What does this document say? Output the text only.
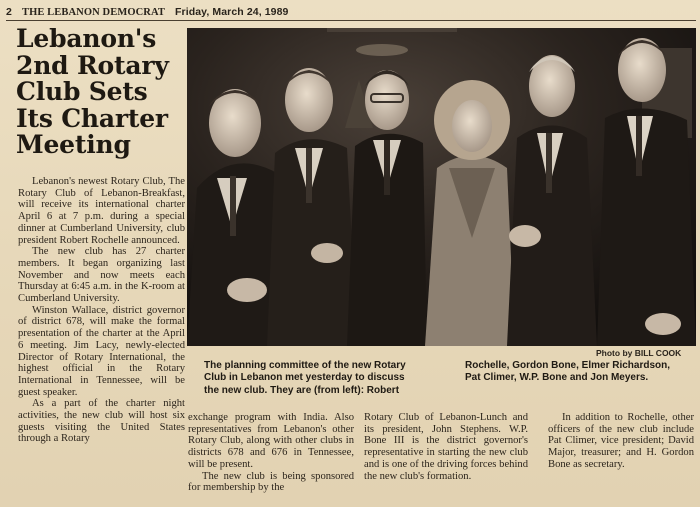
2 THE LEBANON DEMOCRAT Friday, March 24, 1989
Lebanon's
2nd Rotary
Club Sets
Its Charter
Meeting

Lebanon's newest Rotary Club, The Rotary Club of Lebanon-Breakfast, will receive its international charter April 6 at 7 p.m. during a special dinner at Cumberland University, club president Robert Rochelle announced.

The new club has 27 charter members. It began organizing last November and now meets each Thursday at 6:45 a.m. in the K-room at Cumberland University.

Winston Wallace, district governor of district 678, will make the formal presentation of the charter at the April 6 meeting. Jim Lacy, newly-elected Director of Rotary International, the highest official in the Rotary International in Tennessee, will be guest speaker.

As a part of the charter night activities, the new club will host six guests visiting the United States through a Rotary

Photo by BILL COOK
The planning committee of the new Rotary
Club in Lebanon met yesterday to discuss
the new club. They are (from left): Robert
Rochelle, Gordon Bone, Elmer Richardson,
Pat Climer, W.P. Bone and Jon Meyers.

exchange program with India. Also representatives from Lebanon's other Rotary Club, along with other clubs in districts 678 and 676 in Tennessee, will be present.

The new club is being sponsored for membership by the

Rotary Club of Lebanon-Lunch and its president, John Stephens. W.P. Bone III is the district governor's representative in starting the new club and is one of the driving forces behind the new club's formation.

In addition to Rochelle, other officers of the new club include Pat Climer, vice president; David Major, treasurer; and H. Gordon Bone as secretary.
